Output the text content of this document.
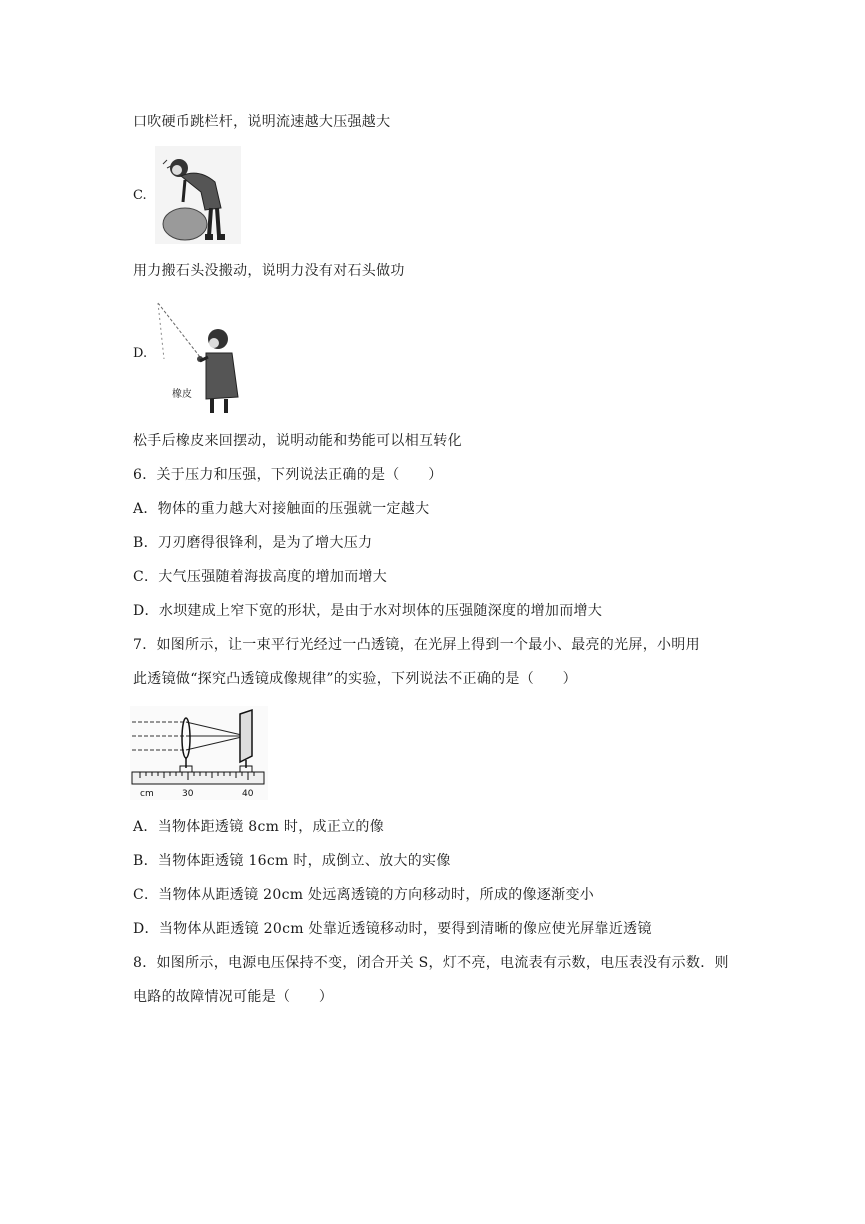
口吹硬币跳栏杆，说明流速越大压强越大
C.
用力搬石头没搬动，说明力没有对石头做功
D.
橡皮
松手后橡皮来回摆动，说明动能和势能可以相互转化
6．关于压力和压强，下列说法正确的是（　　）
A．物体的重力越大对接触面的压强就一定越大
B．刀刃磨得很锋利，是为了增大压力
C．大气压强随着海拔高度的增加而增大
D．水坝建成上窄下宽的形状，是由于水对坝体的压强随深度的增加而增大
7．如图所示，让一束平行光经过一凸透镜，在光屏上得到一个最小、最亮的光屏，小明用
此透镜做“探究凸透镜成像规律”的实验，下列说法不正确的是（　　）
cm	30	40
A．当物体距透镜 8cm 时，成正立的像
B．当物体距透镜 16cm 时，成倒立、放大的实像
C．当物体从距透镜 20cm 处远离透镜的方向移动时，所成的像逐渐变小
D．当物体从距透镜 20cm 处靠近透镜移动时，要得到清晰的像应使光屏靠近透镜
8．如图所示，电源电压保持不变，闭合开关 S，灯不亮，电流表有示数，电压表没有示数．则
电路的故障情况可能是（　　）
